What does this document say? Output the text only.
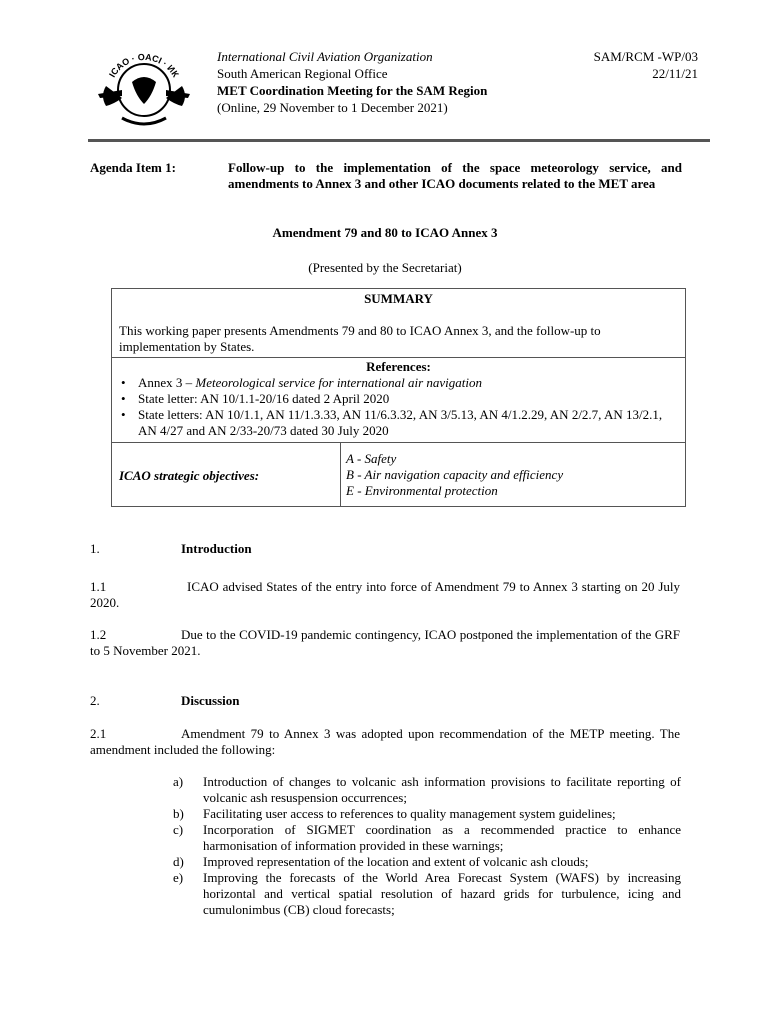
ICAO · OACI · ИК
International Civil Aviation Organization
South American Regional Office
MET Coordination Meeting for the SAM Region
(Online, 29 November to 1 December 2021)
SAM/RCM -WP/03
22/11/21
Agenda Item 1:	Follow-up to the implementation of the space meteorology service, and amendments to Annex 3 and other ICAO documents related to the MET area
Amendment 79 and 80 to ICAO Annex 3
(Presented by the Secretariat)
SUMMARY
This working paper presents Amendments 79 and 80 to ICAO Annex 3, and the follow-up to implementation by States.
References:
• Annex 3 – Meteorological service for international air navigation
• State letter: AN 10/1.1-20/16 dated 2 April 2020
• State letters: AN 10/1.1, AN 11/1.3.33, AN 11/6.3.32, AN 3/5.13, AN 4/1.2.29, AN 2/2.7, AN 13/2.1, AN 4/27 and AN 2/33-20/73 dated 30 July 2020
ICAO strategic objectives:
A - Safety
B - Air navigation capacity and efficiency
E - Environmental protection
1.	Introduction
1.1	ICAO advised States of the entry into force of Amendment 79 to Annex 3 starting on 20 July 2020.
1.2	Due to the COVID-19 pandemic contingency, ICAO postponed the implementation of the GRF to 5 November 2021.
2.	Discussion
2.1	Amendment 79 to Annex 3 was adopted upon recommendation of the METP meeting. The amendment included the following:
a) Introduction of changes to volcanic ash information provisions to facilitate reporting of volcanic ash resuspension occurrences;
b) Facilitating user access to references to quality management system guidelines;
c) Incorporation of SIGMET coordination as a recommended practice to enhance harmonisation of information provided in these warnings;
d) Improved representation of the location and extent of volcanic ash clouds;
e) Improving the forecasts of the World Area Forecast System (WAFS) by increasing horizontal and vertical spatial resolution of hazard grids for turbulence, icing and cumulonimbus (CB) cloud forecasts;
